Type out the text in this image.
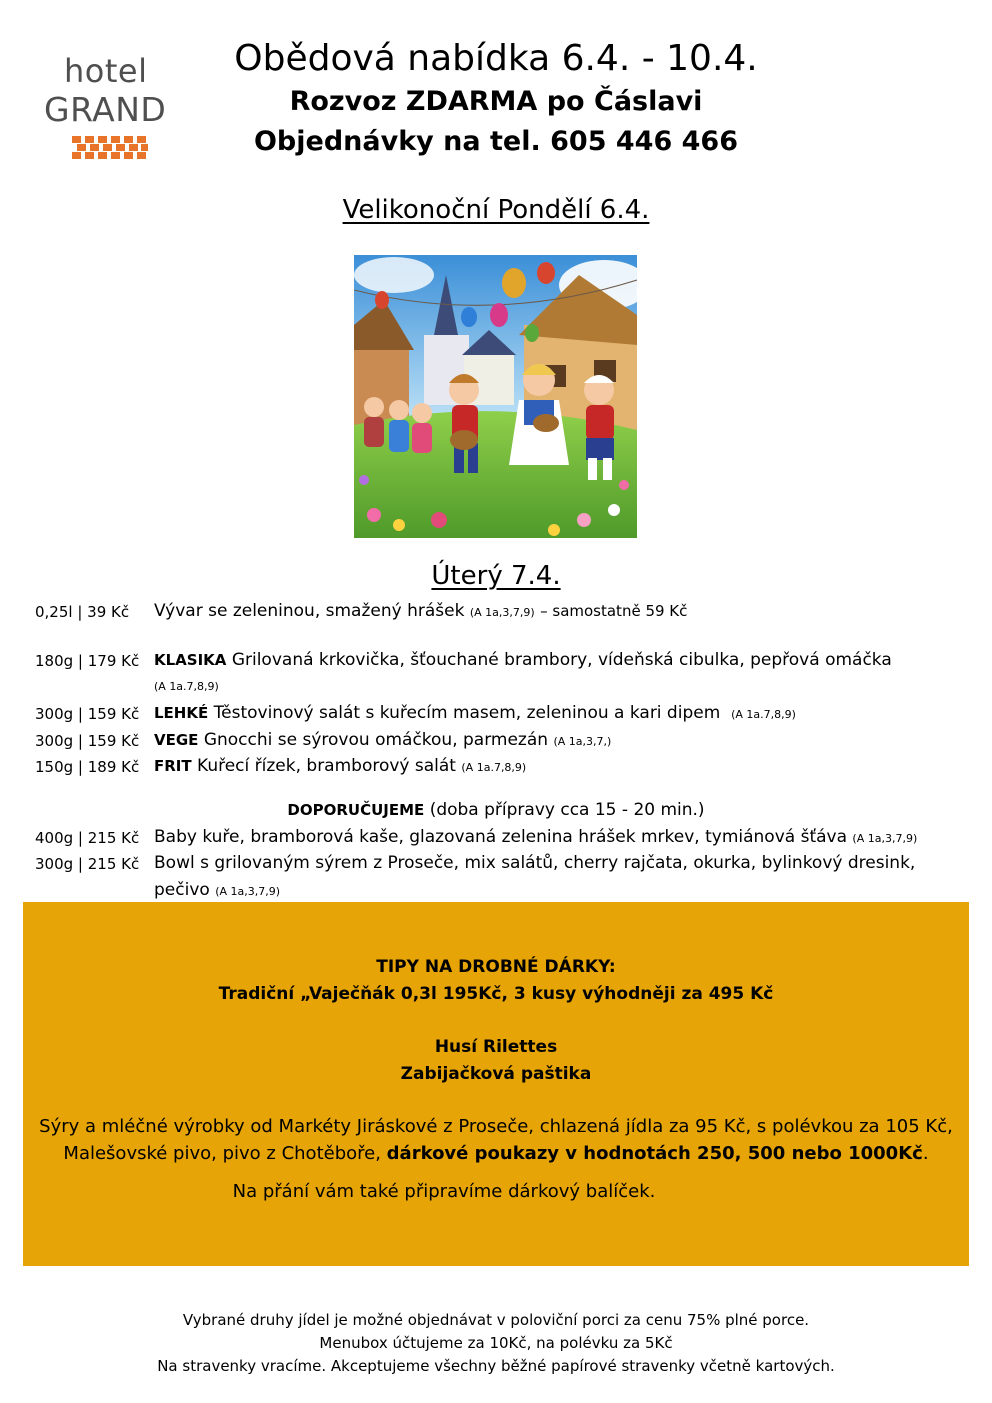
hotel
GRAND
Obědová nabídka 6.4. - 10.4.
Rozvoz ZDARMA po Čáslavi
Objednávky na tel. 605 446 466
Velikonoční Pondělí 6.4.
Úterý 7.4.
0,25l | 39 Kč Vývar se zeleninou, smažený hrášek (A 1a,3,7,9) – samostatně 59 Kč
180g | 179 Kč KLASIKA Grilovaná krkovička, šťouchané brambory, vídeňská cibulka, pepřová omáčka
(A 1a.7,8,9)
300g | 159 Kč LEHKÉ Těstovinový salát s kuřecím masem, zeleninou a kari dipem (A 1a.7,8,9)
300g | 159 Kč VEGE Gnocchi se sýrovou omáčkou, parmezán (A 1a,3,7,)
150g | 189 Kč FRIT Kuřecí řízek, bramborový salát (A 1a.7,8,9)
DOPORUČUJEME (doba přípravy cca 15 - 20 min.)
400g | 215 Kč Baby kuře, bramborová kaše, glazovaná zelenina hrášek mrkev, tymiánová šťáva (A 1a,3,7,9)
300g | 215 Kč Bowl s grilovaným sýrem z Proseče, mix salátů, cherry rajčata, okurka, bylinkový dresink,
pečivo (A 1a,3,7,9)
TIPY NA DROBNÉ DÁRKY:
Tradiční „Vaječňák 0,3l 195Kč, 3 kusy výhodněji za 495 Kč
Husí Rilettes
Zabijačková paštika
Sýry a mléčné výrobky od Markéty Jiráskové z Proseče, chlazená jídla za 95 Kč, s polévkou za 105 Kč,
Malešovské pivo, pivo z Chotěboře, dárkové poukazy v hodnotách 250, 500 nebo 1000Kč.
Na přání vám také připravíme dárkový balíček.
Vybrané druhy jídel je možné objednávat v poloviční porci za cenu 75% plné porce.
Menubox účtujeme za 10Kč, na polévku za 5Kč
Na stravenky vracíme. Akceptujeme všechny běžné papírové stravenky včetně kartových.
